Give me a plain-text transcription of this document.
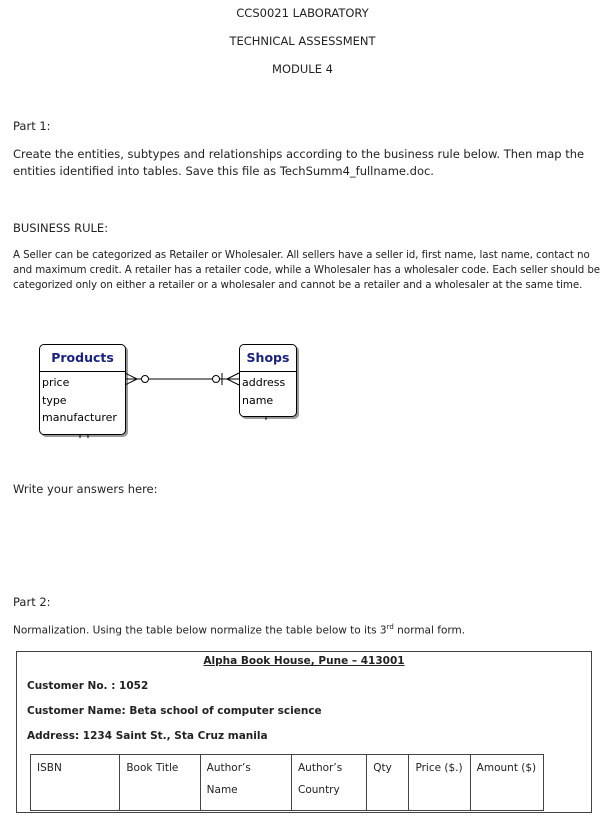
CCS0021 LABORATORY
TECHNICAL ASSESSMENT
MODULE 4
Part 1:
Create the entities, subtypes and relationships according to the business rule below. Then map the entities identified into tables. Save this file as TechSumm4_fullname.doc.
BUSINESS RULE:
A Seller can be categorized as Retailer or Wholesaler. All sellers have a seller id, first name, last name, contact no and maximum credit. A retailer has a retailer code, while a Wholesaler has a wholesaler code. Each seller should be categorized only on either a retailer or a wholesaler and cannot be a retailer and a wholesaler at the same time.
Products
price
type
manufacturer
Shops
address
name
Write your answers here:
Part 2:
Normalization. Using the table below normalize the table below to its 3rd normal form.
Alpha Book House, Pune – 413001
Customer No. : 1052
Customer Name: Beta school of computer science
Address: 1234 Saint St., Sta Cruz manila
ISBN	Book Title	Author’s Name	Author’s Country	Qty	Price ($.)	Amount ($)
